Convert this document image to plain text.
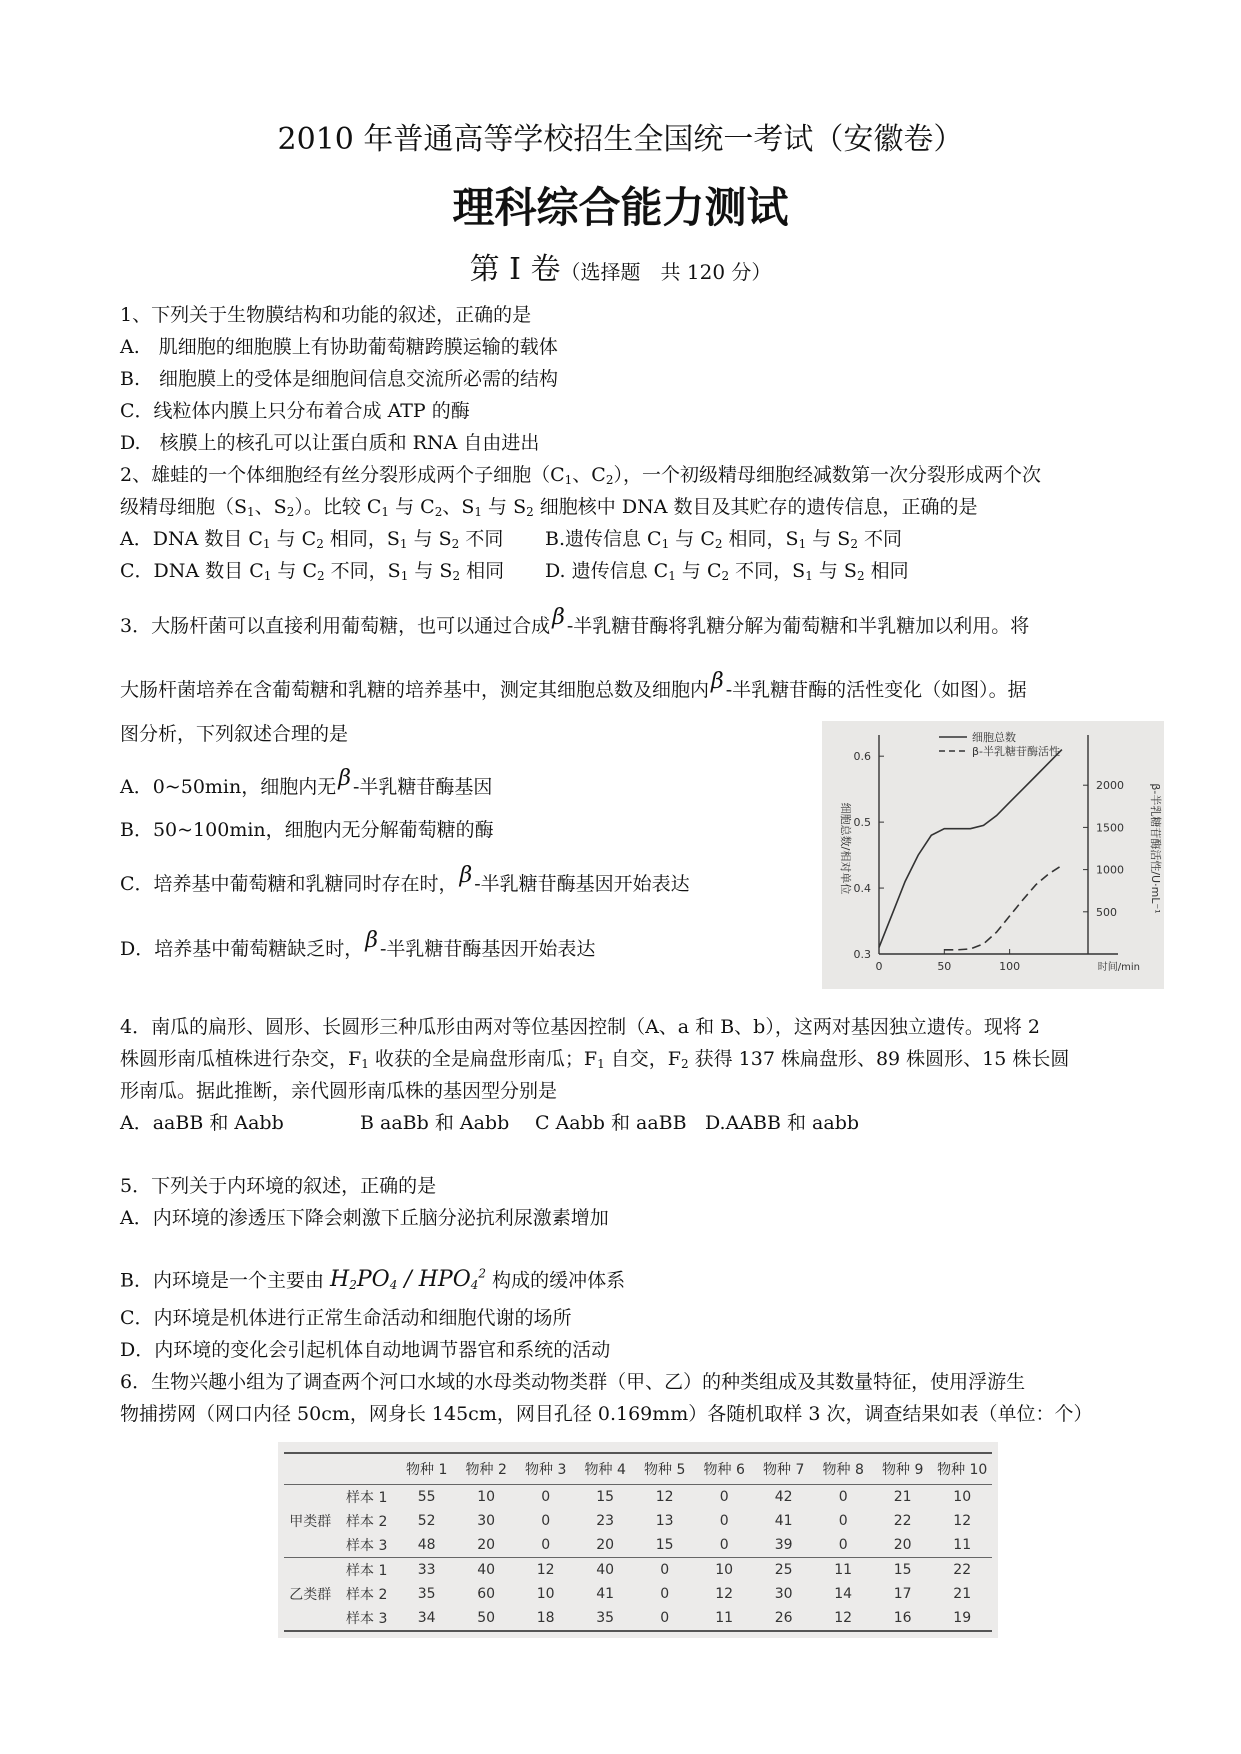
2010 年普通高等学校招生全国统一考试（安徽卷）
理科综合能力测试
第 I 卷（选择题　共 120 分）
1、下列关于生物膜结构和功能的叙述，正确的是
A.　肌细胞的细胞膜上有协助葡萄糖跨膜运输的载体
B.　细胞膜上的受体是细胞间信息交流所必需的结构
C．线粒体内膜上只分布着合成 ATP 的酶
D.　核膜上的核孔可以让蛋白质和 RNA 自由进出
2、雄蛙的一个体细胞经有丝分裂形成两个子细胞（$C_1$、$C_2$），一个初级精母细胞经减数第一次分裂形成两个次
级精母细胞（$S_1$、$S_2$）。比较 $C_1$ 与 $C_2$、$S_1$ 与 $S_2$ 细胞核中 DNA 数目及其贮存的遗传信息，正确的是
A．DNA 数目 $C_1$ 与 $C_2$ 相同，$S_1$ 与 $S_2$ 不同 B.遗传信息 $C_1$ 与 $C_2$ 相同，$S_1$ 与 $S_2$ 不同
C．DNA 数目 $C_1$ 与 $C_2$ 不同，$S_1$ 与 $S_2$ 相同 D. 遗传信息 $C_1$ 与 $C_2$ 不同，$S_1$ 与 $S_2$ 相同
3．大肠杆菌可以直接利用葡萄糖，也可以通过合成β -半乳糖苷酶将乳糖分解为葡萄糖和半乳糖加以利用。将
大肠杆菌培养在含葡萄糖和乳糖的培养基中，测定其细胞总数及细胞内β -半乳糖苷酶的活性变化（如图）。据
图分析，下列叙述合理的是
A．0~50min，细胞内无β -半乳糖苷酶基因
B．50~100min，细胞内无分解葡萄糖的酶
C．培养基中葡萄糖和乳糖同时存在时，β -半乳糖苷酶基因开始表达
D．培养基中葡萄糖缺乏时，β -半乳糖苷酶基因开始表达	0.3
0.4
0.5
0.6
500
1000
1500
2000
0	50	100	时间/min
细胞总数/相对单位	β-半乳糖苷酶活性/U·mL⁻¹
细胞总数
β-半乳糖苷酶活性
4．南瓜的扁形、圆形、长圆形三种瓜形由两对等位基因控制（A、a 和 B、b），这两对基因独立遗传。现将 2
株圆形南瓜植株进行杂交，$F_1$ 收获的全是扁盘形南瓜；$F_1$ 自交，$F_2$ 获得 137 株扁盘形、89 株圆形、15 株长圆
形南瓜。据此推断，亲代圆形南瓜株的基因型分别是
A．aaBB 和 Aabb	B aaBb 和 Aabb C Aabb 和 aaBB D.AABB 和 aabb
5．下列关于内环境的叙述，正确的是
A．内环境的渗透压下降会刺激下丘脑分泌抗利尿激素增加
B．内环境是一个主要由 $H_2PO_4 / HPO_4^2$ 构成的缓冲体系
C．内环境是机体进行正常生命活动和细胞代谢的场所
D．内环境的变化会引起机体自动地调节器官和系统的活动
6．生物兴趣小组为了调查两个河口水域的水母类动物类群（甲、乙）的种类组成及其数量特征，使用浮游生
物捕捞网（网口内径 50cm，网身长 145cm，网目孔径 0.169mm）各随机取样 3 次，调查结果如表（单位：个）
		物种 1	物种 2	物种 3	物种 4	物种 5	物种 6	物种 7	物种 8	物种 9	物种 10
甲类群	样本 1	55	10	0	15	12	0	42	0	21	10
	样本 2	52	30	0	23	13	0	41	0	22	12
	样本 3	48	20	0	20	15	0	39	0	20	11
乙类群	样本 1	33	40	12	40	0	10	25	11	15	22
	样本 2	35	60	10	41	0	12	30	14	17	21
	样本 3	34	50	18	35	0	11	26	12	16	19
